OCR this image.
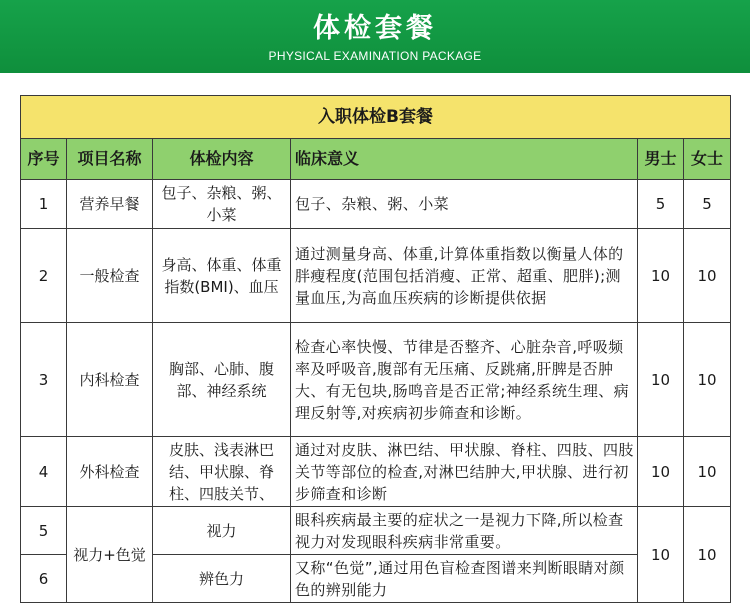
体检套餐
PHYSICAL EXAMINATION PACKAGE
入职体检B套餐					
序号	项目名称	体检内容	临床意义	男士	女士
1	营养早餐	包子、杂粮、粥、小菜	包子、杂粮、粥、小菜	5	5
2	一般检查	身高、体重、体重指数(BMI)、血压	通过测量身高、体重,计算体重指数以衡量人体的胖瘦程度(范围包括消瘦、正常、超重、肥胖);测量血压,为高血压疾病的诊断提供依据	10	10
3	内科检查	胸部、心肺、腹部、神经系统	检查心率快慢、节律是否整齐、心脏杂音,呼吸频率及呼吸音,腹部有无压痛、反跳痛,肝脾是否肿大、有无包块,肠鸣音是否正常;神经系统生理、病理反射等,对疾病初步筛查和诊断。	10	10
4	外科检查	皮肤、浅表淋巴结、甲状腺、脊柱、四肢关节、	通过对皮肤、淋巴结、甲状腺、脊柱、四肢、四肢关节等部位的检查,对淋巴结肿大,甲状腺、进行初步筛查和诊断	10	10
5	视力+色觉	视力	眼科疾病最主要的症状之一是视力下降,所以检查视力对发现眼科疾病非常重要。	10	10
6		辨色力	又称“色觉”,通过用色盲检查图谱来判断眼睛对颜色的辨别能力		
